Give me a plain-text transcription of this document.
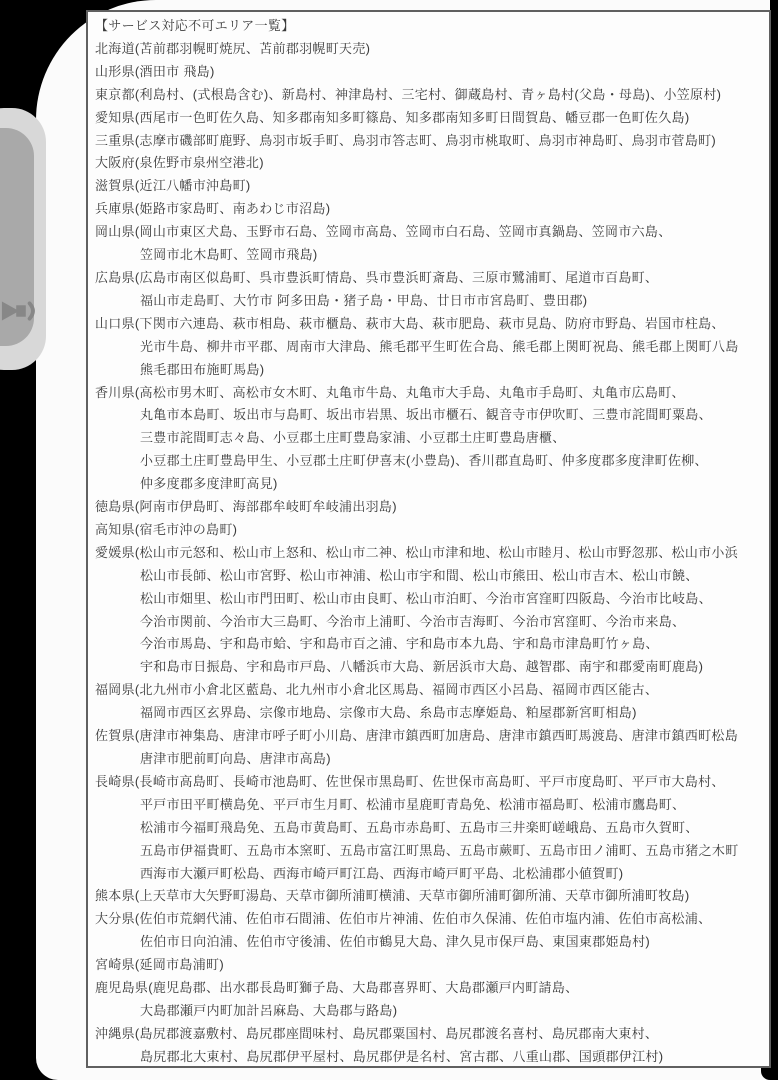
【サービス対応不可エリア一覧】
北海道(苫前郡羽幌町焼尻、苫前郡羽幌町天売)
山形県(酒田市 飛島)
東京都(利島村、(式根島含む)、新島村、神津島村、三宅村、御蔵島村、青ヶ島村(父島・母島)、小笠原村)
愛知県(西尾市一色町佐久島、知多郡南知多町篠島、知多郡南知多町日間賀島、幡豆郡一色町佐久島)
三重県(志摩市磯部町鹿野、鳥羽市坂手町、鳥羽市答志町、鳥羽市桃取町、鳥羽市神島町、鳥羽市菅島町)
大阪府(泉佐野市泉州空港北)
滋賀県(近江八幡市沖島町)
兵庫県(姫路市家島町、南あわじ市沼島)
岡山県(岡山市東区犬島、玉野市石島、笠岡市高島、笠岡市白石島、笠岡市真鍋島、笠岡市六島、
笠岡市北木島町、笠岡市飛島)
広島県(広島市南区似島町、呉市豊浜町情島、呉市豊浜町斎島、三原市鷺浦町、尾道市百島町、
福山市走島町、大竹市 阿多田島・猪子島・甲島、廿日市市宮島町、豊田郡)
山口県(下関市六連島、萩市相島、萩市櫃島、萩市大島、萩市肥島、萩市見島、防府市野島、岩国市柱島、
光市牛島、柳井市平郡、周南市大津島、熊毛郡平生町佐合島、熊毛郡上関町祝島、熊毛郡上関町八島
熊毛郡田布施町馬島)
香川県(高松市男木町、高松市女木町、丸亀市牛島、丸亀市大手島、丸亀市手島町、丸亀市広島町、
丸亀市本島町、坂出市与島町、坂出市岩黒、坂出市櫃石、観音寺市伊吹町、三豊市詫間町粟島、
三豊市詫間町志々島、小豆郡土庄町豊島家浦、小豆郡土庄町豊島唐櫃、
小豆郡土庄町豊島甲生、小豆郡土庄町伊喜末(小豊島)、香川郡直島町、仲多度郡多度津町佐柳、
仲多度郡多度津町高見)
徳島県(阿南市伊島町、海部郡牟岐町牟岐浦出羽島)
高知県(宿毛市沖の島町)
愛媛県(松山市元怒和、松山市上怒和、松山市二神、松山市津和地、松山市睦月、松山市野忽那、松山市小浜
松山市長師、松山市宮野、松山市神浦、松山市宇和間、松山市熊田、松山市吉木、松山市饒、
松山市畑里、松山市門田町、松山市由良町、松山市泊町、今治市宮窪町四阪島、今治市比岐島、
今治市関前、今治市大三島町、今治市上浦町、今治市吉海町、今治市宮窪町、今治市来島、
今治市馬島、宇和島市蛤、宇和島市百之浦、宇和島市本九島、宇和島市津島町竹ヶ島、
宇和島市日振島、宇和島市戸島、八幡浜市大島、新居浜市大島、越智郡、南宇和郡愛南町鹿島)
福岡県(北九州市小倉北区藍島、北九州市小倉北区馬島、福岡市西区小呂島、福岡市西区能古、
福岡市西区玄界島、宗像市地島、宗像市大島、糸島市志摩姫島、粕屋郡新宮町相島)
佐賀県(唐津市神集島、唐津市呼子町小川島、唐津市鎮西町加唐島、唐津市鎮西町馬渡島、唐津市鎮西町松島
唐津市肥前町向島、唐津市高島)
長崎県(長崎市高島町、長崎市池島町、佐世保市黒島町、佐世保市高島町、平戸市度島町、平戸市大島村、
平戸市田平町横島免、平戸市生月町、松浦市星鹿町青島免、松浦市福島町、松浦市鷹島町、
松浦市今福町飛島免、五島市黄島町、五島市赤島町、五島市三井楽町嵯峨島、五島市久賀町、
五島市伊福貴町、五島市本窯町、五島市富江町黒島、五島市蕨町、五島市田ノ浦町、五島市猪之木町
西海市大瀬戸町松島、西海市崎戸町江島、西海市崎戸町平島、北松浦郡小値賀町)
熊本県(上天草市大矢野町湯島、天草市御所浦町横浦、天草市御所浦町御所浦、天草市御所浦町牧島)
大分県(佐伯市荒網代浦、佐伯市石間浦、佐伯市片神浦、佐伯市久保浦、佐伯市塩内浦、佐伯市高松浦、
佐伯市日向泊浦、佐伯市守後浦、佐伯市鶴見大島、津久見市保戸島、東国東郡姫島村)
宮崎県(延岡市島浦町)
鹿児島県(鹿児島郡、出水郡長島町獅子島、大島郡喜界町、大島郡瀬戸内町請島、
大島郡瀬戸内町加計呂麻島、大島郡与路島)
沖縄県(島尻郡渡嘉敷村、島尻郡座間味村、島尻郡粟国村、島尻郡渡名喜村、島尻郡南大東村、
島尻郡北大東村、島尻郡伊平屋村、島尻郡伊是名村、宮古郡、八重山郡、国頭郡伊江村)
